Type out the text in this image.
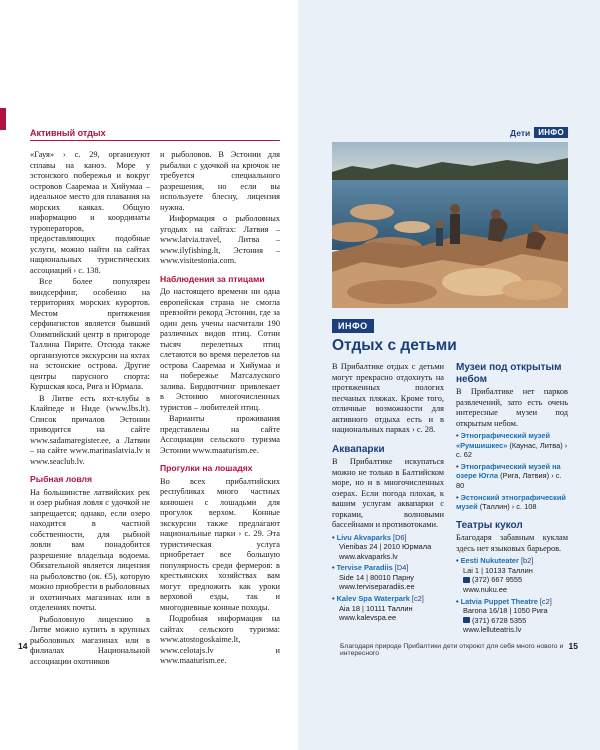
Активный отдых

«Гауя» › с. 29, организуют сплавы на каноэ. Море у эстонского побережья и вокруг островов Сааремаа и Хийумаа – идеальное место для плавания на морских каяках. Общую информацию и координаты туроператоров, предоставляющих подобные услуги, можно найти на сайтах национальных туристических ассоциаций › с. 138.

Все более популярен виндсерфинг, особенно на территориях морских курортов. Местом притяжения серфингистов является бывший Олимпийский центр в пригороде Таллина Пирите. Отсюда также организуются экскурсии на яхтах на эстонские острова. Другие центры парусного спорта: Куршская коса, Рига и Юрмала.

В Литве есть яхт-клубы в Клайпеде и Ниде (www.lbs.lt). Список причалов Эстонии приводится на сайте www.sadamaregister.ee, а Латвии – на сайте www.marinaslatvia.lv и www.seaclub.lv.

Рыбная ловля

На большинстве латвийских рек и озер рыбная ловля с удочкой не запрещается; однако, если озеро находится в частной собственности, для рыбной ловли вам понадобится разрешение владельца водоема. Обязательной является лицензия на рыболовство (ок. €5), которую можно приобрести в рыболовных и охотничьих магазинах или в отделениях почты.

Рыболовную лицензию в Литве можно купить в крупных рыболовных магазинах или в филиалах Национальной ассоциации охотников

и рыболовов. В Эстонии для рыбалки с удочкой на крючок не требуется специального разрешения, но если вы используете блесну, лицензия нужна.

Информация о рыболовных угодьях на сайтах: Латвия – www.latvia.travel, Литва – www.ilyfishing.lt, Эстония – www.visitestonia.com.

Наблюдения за птицами

До настоящего времени ни одна европейская страна не смогла превзойти рекорд Эстонии, где за один день учены насчитали 190 различных видов птиц. Сотни тысяч перелетных птиц слетаются во время перелетов на острова Сааремаа и Хийумаа и на побережье Матсалуского залива. Бирдвотчинг привлекает в Эстонию многочисленных туристов – любителей птиц.

Варианты проживания представлены на сайте Ассоциации сельского туризма Эстонии www.maaturism.ee.

Прогулки на лошадях

Во всех прибалтийских республиках много частных конюшен с лошадьми для прогулок верхом. Конные экскурсии также предлагают национальные парки › с. 29. Эта туристическая услуга приобретает все большую популярность среди фермеров: в крестьянских хозяйствах вам могут предложить как уроки верховой езды, так и многодневные конные походы.

Подробная информация на сайтах сельского туризма: www.atostogoskaime.lt, www.celotajs.lv и www.maaturism.ee.

14
Дети	ИНФО
ИНФО
Отдых с детьми

В Прибалтике отдых с детьми могут прекрасно отдохнуть на протяженных пологих песчаных пляжах. Кроме того, отличные возможности для активного отдыха есть и в национальных парках › с. 28.

Аквапарки

В Прибалтике искупаться можно не только в Балтийском море, но и в многочисленных озерах. Если погода плохая, к вашим услугам аквапарки с горками, волновыми бассейнами и противотоками.

• Livu Akvaparks [D6]
Vienibas 24 | 2010 Юрмала
www.akvaparks.lv
• Tervise Paradiis [D4]
Side 14 | 80010 Парну
www.terviseparadiis.ee
• Kalev Spa Waterpark [c2]
Aia 18 | 10111 Таллин
www.kalevspa.ee
Музеи под открытым небом

В Прибалтике нет парков развлечений, зато есть очень интересные музеи под открытым небом.

• Этнографический музей «Румшишкес» (Каунас, Литва) › с. 62
• Этнографический музей на озере Югла (Рига, Латвия) › с. 80
• Эстонский этнографический музей (Таллин) › с. 108
Театры кукол

Благодаря забавным куклам здесь нет языковых барьеров.

• Eesti Nukuteater [b2]
Lai 1 | 10133 Таллин
(372) 667 9555
www.nuku.ee
• Latvia Puppet Theatre [c2]
Barona 16/18 | 1050 Рига
(371) 6728 5355
www.lelluteatris.lv
Благодаря природе Прибалтики дети откроют для себя много нового и интересного
15
